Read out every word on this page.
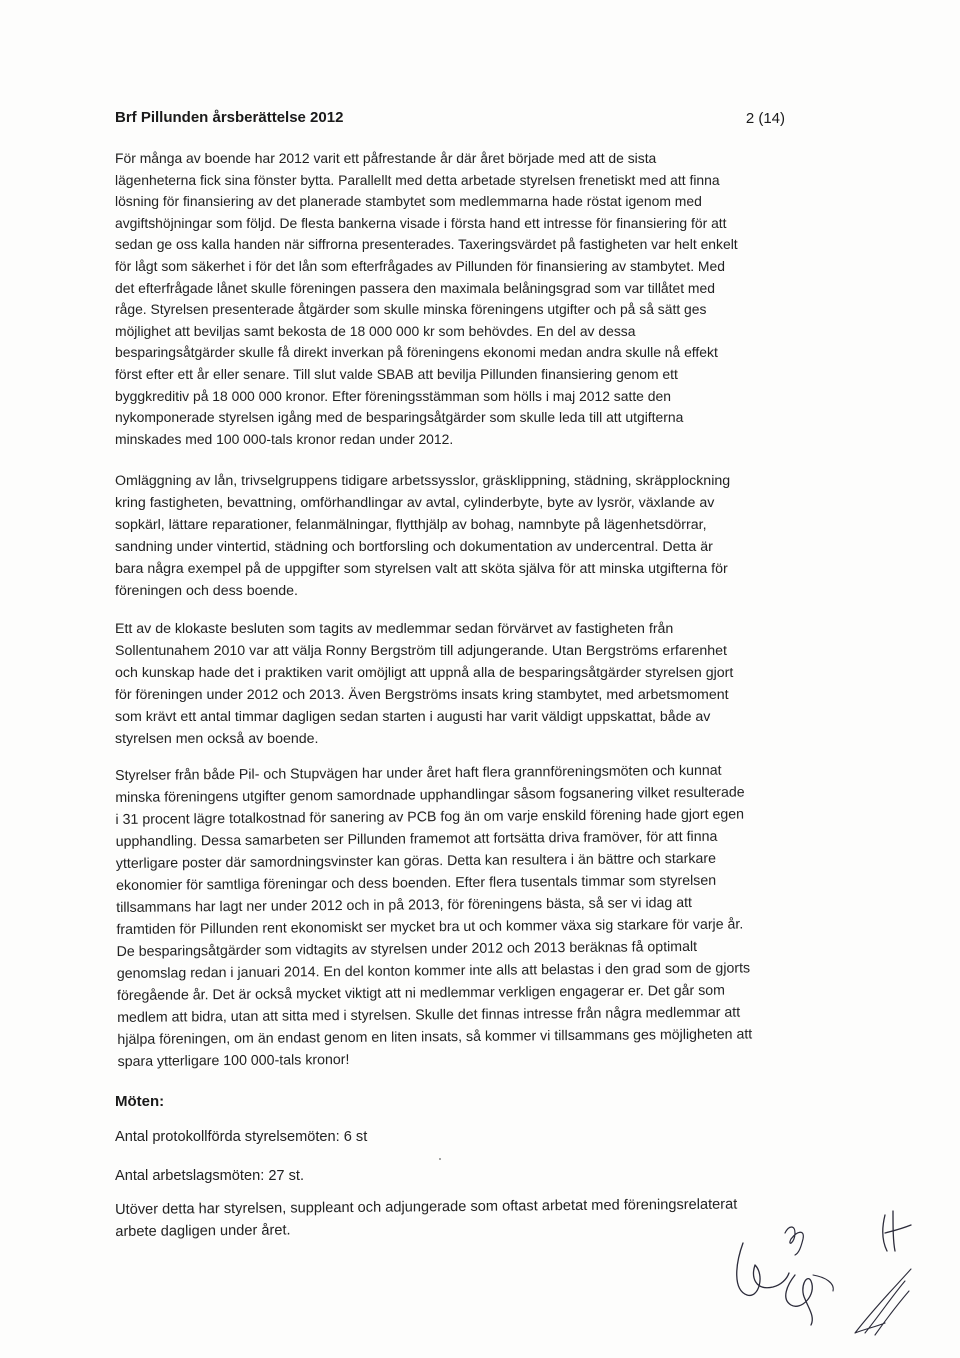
Brf Pillunden årsberättelse 2012	2 (14)
För många av boende har 2012 varit ett påfrestande år där året började med att de sista
lägenheterna fick sina fönster bytta. Parallellt med detta arbetade styrelsen frenetiskt med att finna
lösning för finansiering av det planerade stambytet som medlemmarna hade röstat igenom med
avgiftshöjningar som följd. De flesta bankerna visade i första hand ett intresse för finansiering för att
sedan ge oss kalla handen när siffrorna presenterades. Taxeringsvärdet på fastigheten var helt enkelt
för lågt som säkerhet i för det lån som efterfrågades av Pillunden för finansiering av stambytet. Med
det efterfrågade lånet skulle föreningen passera den maximala belåningsgrad som var tillåtet med
råge. Styrelsen presenterade åtgärder som skulle minska föreningens utgifter och på så sätt ges
möjlighet att beviljas samt bekosta de 18 000 000 kr som behövdes. En del av dessa
besparingsåtgärder skulle få direkt inverkan på föreningens ekonomi medan andra skulle nå effekt
först efter ett år eller senare. Till slut valde SBAB att bevilja Pillunden finansiering genom ett
byggkreditiv på 18 000 000 kronor. Efter föreningsstämman som hölls i maj 2012 satte den
nykomponerade styrelsen igång med de besparingsåtgärder som skulle leda till att utgifterna
minskades med 100 000-tals kronor redan under 2012.
Omläggning av lån, trivselgruppens tidigare arbetssysslor, gräsklippning, städning, skräpplockning
kring fastigheten, bevattning, omförhandlingar av avtal, cylinderbyte, byte av lysrör, växlande av
sopkärl, lättare reparationer, felanmälningar, flytthjälp av bohag, namnbyte på lägenhetsdörrar,
sandning under vintertid, städning och bortforsling och dokumentation av undercentral. Detta är
bara några exempel på de uppgifter som styrelsen valt att sköta själva för att minska utgifterna för
föreningen och dess boende.
Ett av de klokaste besluten som tagits av medlemmar sedan förvärvet av fastigheten från
Sollentunahem 2010 var att välja Ronny Bergström till adjungerande. Utan Bergströms erfarenhet
och kunskap hade det i praktiken varit omöjligt att uppnå alla de besparingsåtgärder styrelsen gjort
för föreningen under 2012 och 2013. Även Bergströms insats kring stambytet, med arbetsmoment
som krävt ett antal timmar dagligen sedan starten i augusti har varit väldigt uppskattat, både av
styrelsen men också av boende.
Styrelser från både Pil- och Stupvägen har under året haft flera grannföreningsmöten och kunnat
minska föreningens utgifter genom samordnade upphandlingar såsom fogsanering vilket resulterade
i 31 procent lägre totalkostnad för sanering av PCB fog än om varje enskild förening hade gjort egen
upphandling. Dessa samarbeten ser Pillunden framemot att fortsätta driva framöver, för att finna
ytterligare poster där samordningsvinster kan göras. Detta kan resultera i än bättre och starkare
ekonomier för samtliga föreningar och dess boenden. Efter flera tusentals timmar som styrelsen
tillsammans har lagt ner under 2012 och in på 2013, för föreningens bästa, så ser vi idag att
framtiden för Pillunden rent ekonomiskt ser mycket bra ut och kommer växa sig starkare för varje år.
De besparingsåtgärder som vidtagits av styrelsen under 2012 och 2013 beräknas få optimalt
genomslag redan i januari 2014. En del konton kommer inte alls att belastas i den grad som de gjorts
föregående år. Det är också mycket viktigt att ni medlemmar verkligen engagerar er. Det går som
medlem att bidra, utan att sitta med i styrelsen. Skulle det finnas intresse från några medlemmar att
hjälpa föreningen, om än endast genom en liten insats, så kommer vi tillsammans ges möjligheten att
spara ytterligare 100 000-tals kronor!

Möten:

Antal protokollförda styrelsemöten: 6 st

Antal arbetslagsmöten: 27 st.

Utöver detta har styrelsen, suppleant och adjungerade som oftast arbetat med föreningsrelaterat
arbete dagligen under året.
